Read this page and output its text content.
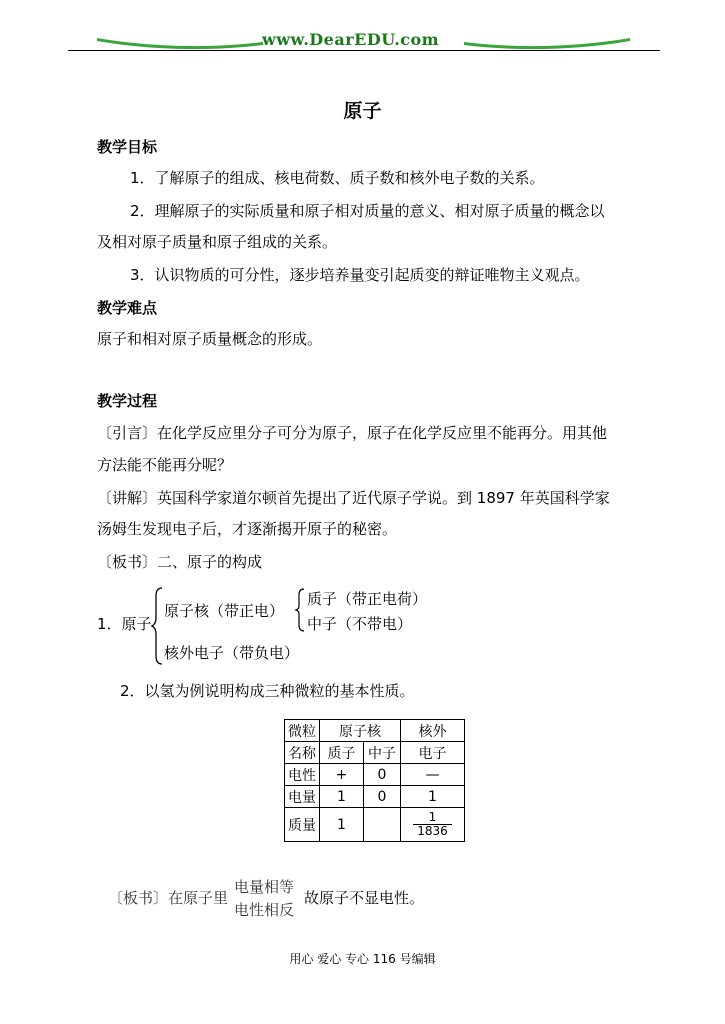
www.DearEDU.com
原子
教学目标
1．了解原子的组成、核电荷数、质子数和核外电子数的关系。
2．理解原子的实际质量和原子相对质量的意义、相对原子质量的概念以
及相对原子质量和原子组成的关系。
3．认识物质的可分性，逐步培养量变引起质变的辩证唯物主义观点。
教学难点
原子和相对原子质量概念的形成。
教学过程
〔引言〕在化学反应里分子可分为原子，原子在化学反应里不能再分。用其他
方法能不能再分呢？
〔讲解〕英国科学家道尔顿首先提出了近代原子学说。到 1897 年英国科学家
汤姆生发现电子后，才逐渐揭开原子的秘密。
〔板书〕二、原子的构成
1．原子
原子核（带正电）
质子（带正电荷）
中子（不带电）
核外电子（带负电）
2．以氢为例说明构成三种微粒的基本性质。
微粒	原子核		核外
名称	质子	中子	电子
电性	+	0	—
电量	1	0	1
质量	1		$\frac{1}{1836}$
〔板书〕在原子里
电量相等
电性相反
故原子不显电性。
用心 爱心 专心 116 号编辑
